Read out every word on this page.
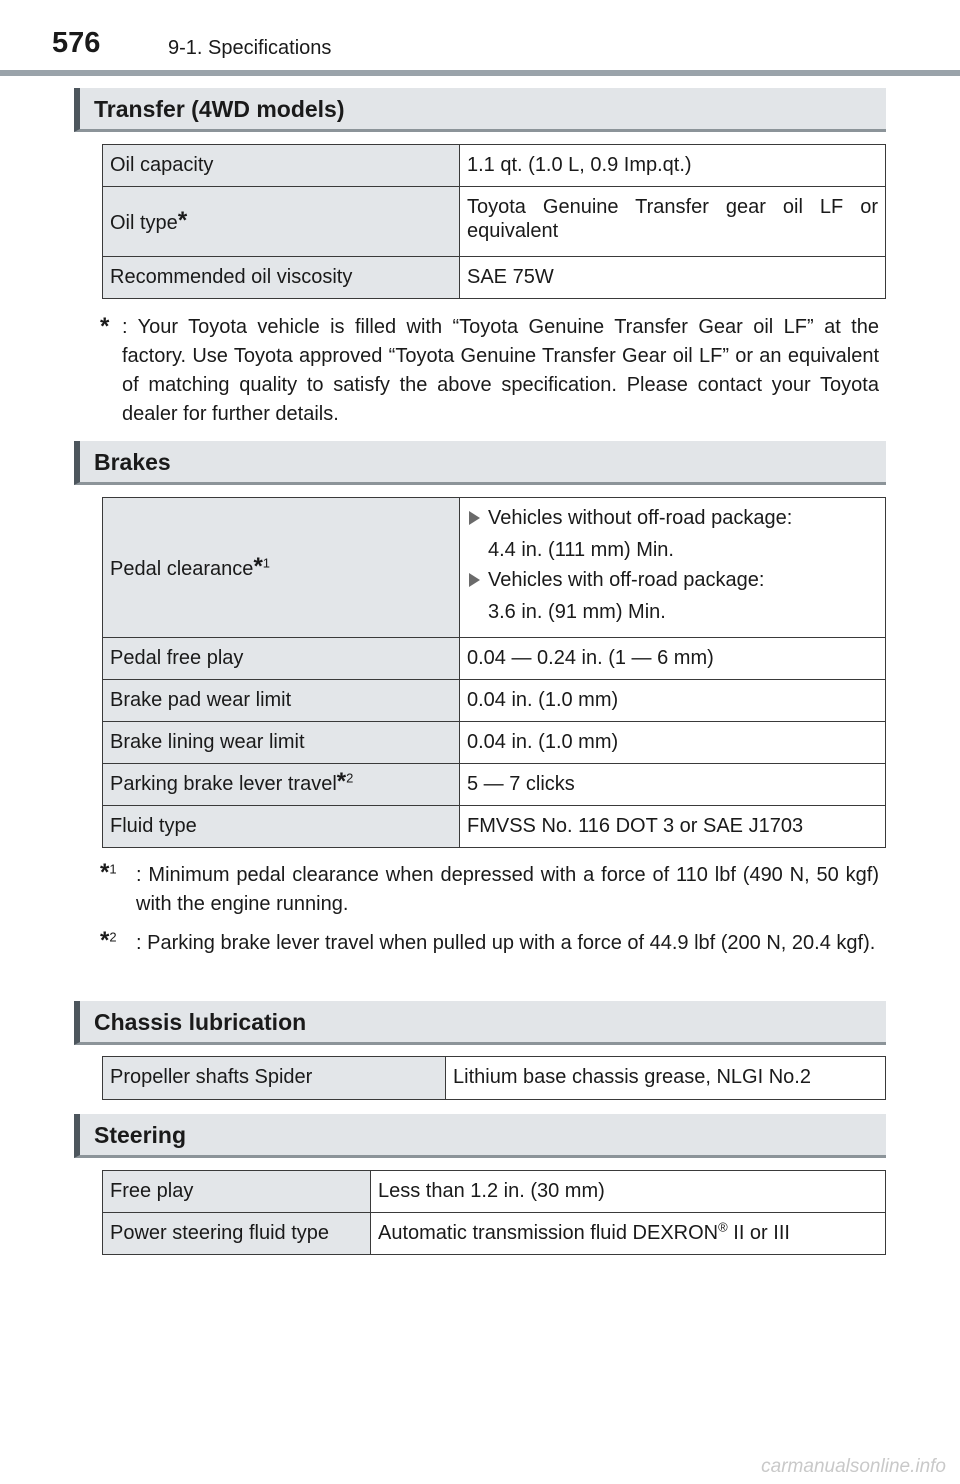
576	9-1. Specifications
Transfer (4WD models)
Oil capacity	1.1 qt. (1.0 L, 0.9 Imp.qt.)
Oil type*	Toyota Genuine Transfer gear oil LF or equivalent
Recommended oil viscosity	SAE 75W
* : Your Toyota vehicle is filled with “Toyota Genuine Transfer Gear oil LF” at the factory. Use Toyota approved “Toyota Genuine Transfer Gear oil LF” or an equivalent of matching quality to satisfy the above specification. Please contact your Toyota dealer for further details.
Brakes
Pedal clearance*$^1$	Vehicles without off-road package:
4.4 in. (111 mm) Min.
Vehicles with off-road package:
3.6 in. (91 mm) Min.

Pedal free play	0.04 — 0.24 in. (1 — 6 mm)
Brake pad wear limit	0.04 in. (1.0 mm)
Brake lining wear limit	0.04 in. (1.0 mm)
Parking brake lever travel*$^2$	5 — 7 clicks
Fluid type	FMVSS No. 116 DOT 3 or SAE J1703
*$^1$ : Minimum pedal clearance when depressed with a force of 110 lbf (490 N, 50 kgf) with the engine running.
*$^2$ : Parking brake lever travel when pulled up with a force of 44.9 lbf (200 N, 20.4 kgf).
Chassis lubrication
Propeller shafts Spider	Lithium base chassis grease, NLGI No.2
Steering
Free play	Less than 1.2 in. (30 mm)
Power steering fluid type	Automatic transmission fluid DEXRON® II or III
carmanualsonline.info
